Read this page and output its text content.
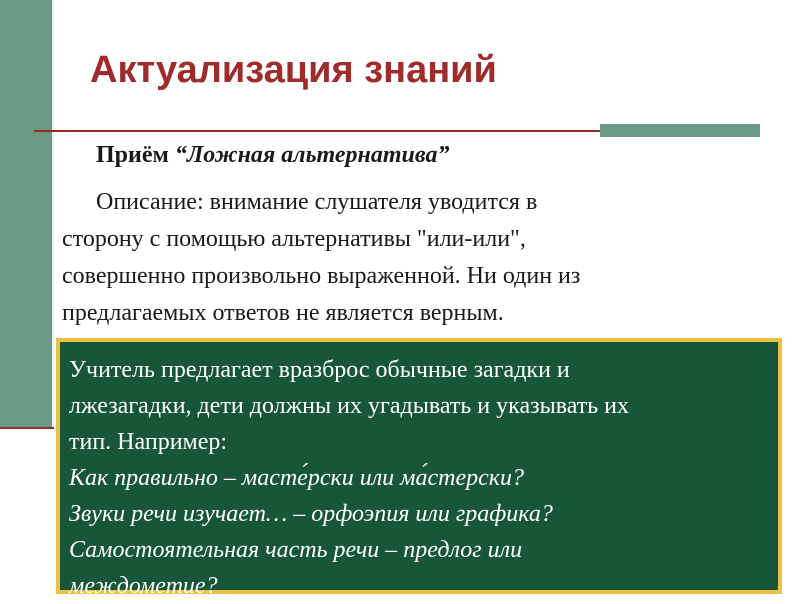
Актуализация знаний
Приём “Ложная альтернатива”
Описание: внимание слушателя уводится в
сторону с помощью альтернативы "или-или",
совершенно произвольно выраженной. Ни один из
предлагаемых ответов не является верным.
Учитель предлагает вразброс обычные загадки и
лжезагадки, дети должны их угадывать и указывать их
тип. Например:
Как правильно – масте́рски или ма́стерски?
Звуки речи изучает… – орфоэпия или графика?
Самостоятельная часть речи – предлог или
междометие?
